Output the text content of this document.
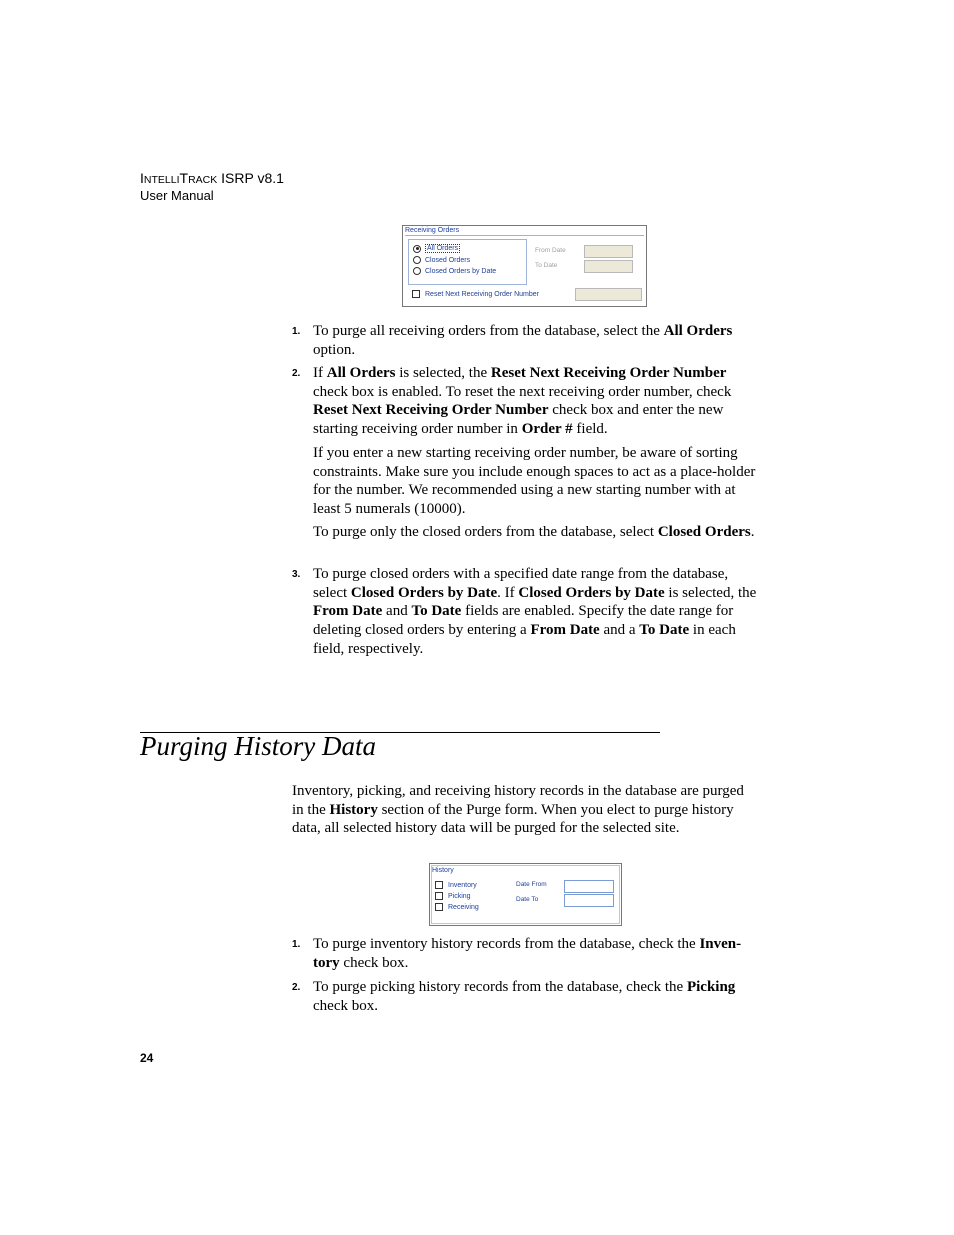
INTELLITRACK ISRP v8.1
User Manual
Receiving Orders
All Orders
Closed Orders
Closed Orders by Date
From Date
To Date
Reset Next Receiving Order Number
1. To purge all receiving orders from the database, select the All Orders option.
2. If All Orders is selected, the Reset Next Receiving Order Number check box is enabled. To reset the next receiving order number, check Reset Next Receiving Order Number check box and enter the new starting receiving order number in Order # field.
If you enter a new starting receiving order number, be aware of sorting constraints. Make sure you include enough spaces to act as a place-holder for the number. We recommended using a new starting number with at least 5 numerals (10000).
To purge only the closed orders from the database, select Closed Orders.
3. To purge closed orders with a specified date range from the database, select Closed Orders by Date. If Closed Orders by Date is selected, the From Date and To Date fields are enabled. Specify the date range for deleting closed orders by entering a From Date and a To Date in each field, respectively.
Purging History Data
Inventory, picking, and receiving history records in the database are purged in the History section of the Purge form. When you elect to purge history data, all selected history data will be purged for the selected site.
History
Inventory
Picking
Receiving
Date From
Date To
1. To purge inventory history records from the database, check the Inven-tory check box.
2. To purge picking history records from the database, check the Picking check box.
24
